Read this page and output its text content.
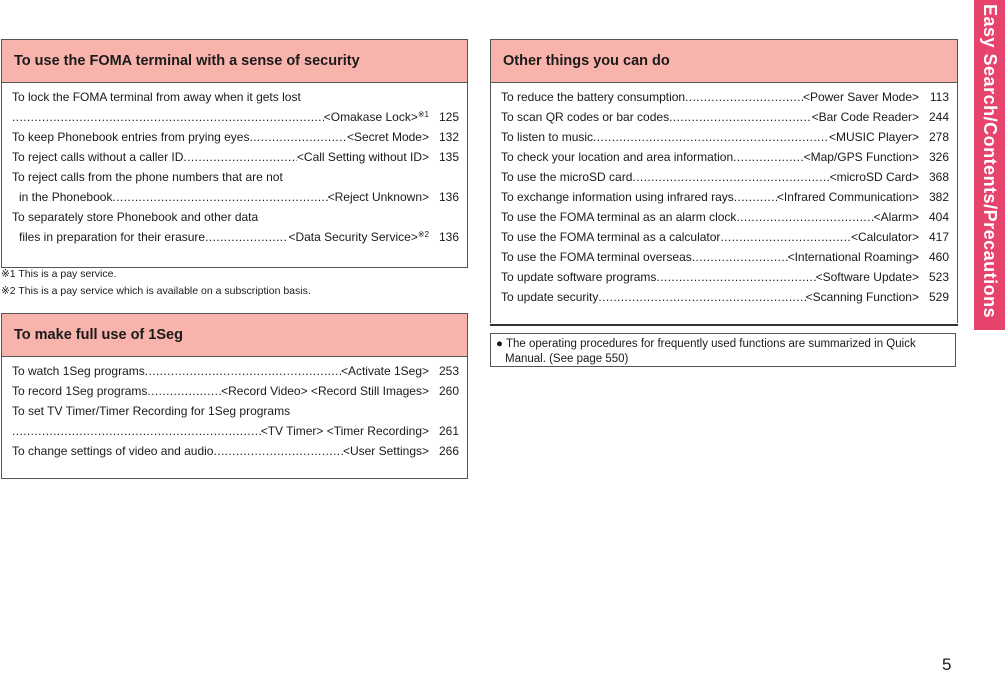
Easy Search/Contents/Precautions
To use the FOMA terminal with a sense of security
To lock the FOMA terminal from away when it gets lost
.....
<Omakase Lock>$^{※1}$ 125
To keep Phonebook entries from prying eyes .....	<Secret Mode> 132
To reject calls without a caller ID .....	<Call Setting without ID> 135
To reject calls from the phone numbers that are not
in the Phonebook .....	<Reject Unknown> 136
To separately store Phonebook and other data
files in preparation for their erasure .....	<Data Security Service>$^{※2}$ 136
※1 This is a pay service.
※2 This is a pay service which is available on a subscription basis.
To make full use of 1Seg
To watch 1Seg programs .....	<Activate 1Seg> 253
To record 1Seg programs .....	<Record Video> <Record Still Images> 260
To set TV Timer/Timer Recording for 1Seg programs
.....
<TV Timer> <Timer Recording> 261
To change settings of video and audio .....	<User Settings> 266
Other things you can do
To reduce the battery consumption .....	<Power Saver Mode> 113
To scan QR codes or bar codes .....	<Bar Code Reader> 244
To listen to music .....	<MUSIC Player> 278
To check your location and area information .....	<Map/GPS Function> 326
To use the microSD card .....	<microSD Card> 368
To exchange information using infrared rays .....	<Infrared Communication> 382
To use the FOMA terminal as an alarm clock .....	<Alarm> 404
To use the FOMA terminal as a calculator .....	<Calculator> 417
To use the FOMA terminal overseas .....	<International Roaming> 460
To update software programs .....	<Software Update> 523
To update security .....	<Scanning Function> 529
● The operating procedures for frequently used functions are summarized in Quick
Manual. (See page 550)
5
